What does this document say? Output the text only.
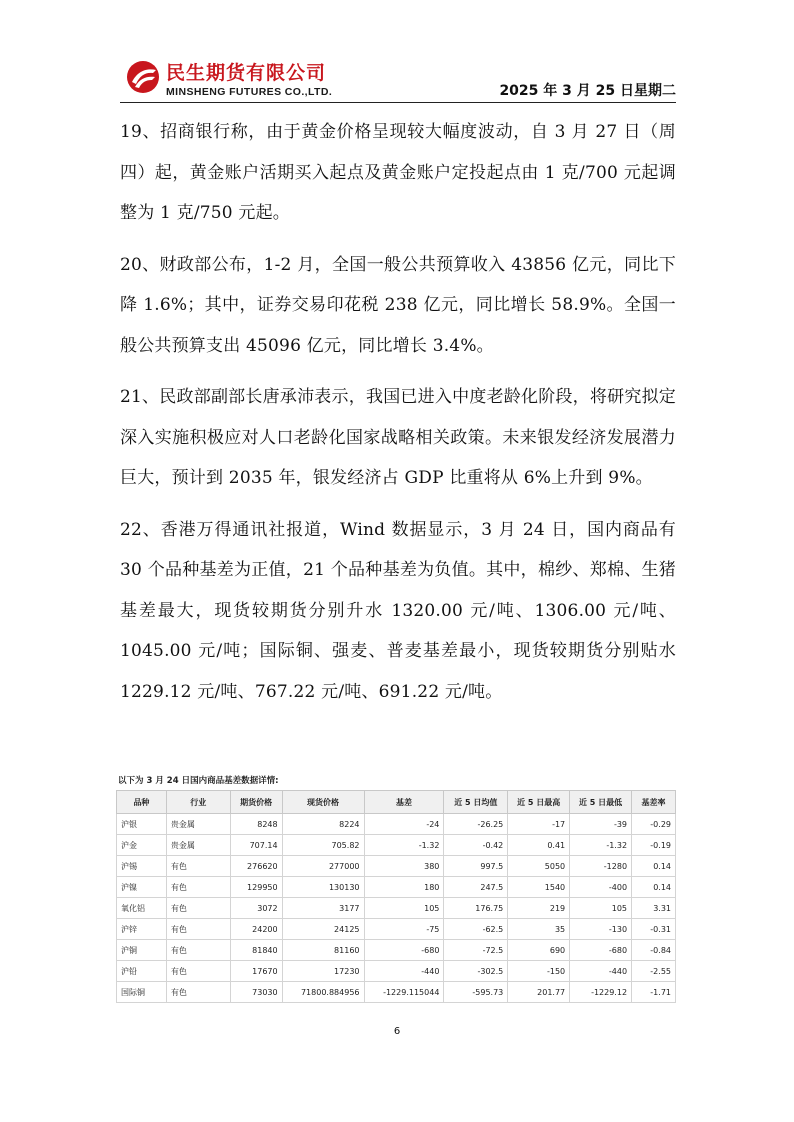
民生期货有限公司
MINSHENG FUTURES CO.,LTD.	2025 年 3 月 25 日星期二

19、招商银行称，由于黄金价格呈现较大幅度波动，自 3 月 27 日（周四）起，黄金账户活期买入起点及黄金账户定投起点由 1 克/700 元起调整为 1 克/750 元起。

20、财政部公布，1-2 月，全国一般公共预算收入 43856 亿元，同比下降 1.6%；其中，证券交易印花税 238 亿元，同比增长 58.9%。全国一般公共预算支出 45096 亿元，同比增长 3.4%。

21、民政部副部长唐承沛表示，我国已进入中度老龄化阶段，将研究拟定深入实施积极应对人口老龄化国家战略相关政策。未来银发经济发展潜力巨大，预计到 2035 年，银发经济占 GDP 比重将从 6%上升到 9%。

22、香港万得通讯社报道，Wind 数据显示，3 月 24 日，国内商品有 30 个品种基差为正值，21 个品种基差为负值。其中，棉纱、郑棉、生猪基差最大，现货较期货分别升水 1320.00 元/吨、1306.00 元/吨、1045.00 元/吨；国际铜、强麦、普麦基差最小，现货较期货分别贴水 1229.12 元/吨、767.22 元/吨、691.22 元/吨。

以下为 3 月 24 日国内商品基差数据详情:
品种	行业	期货价格	现货价格	基差	近 5 日均值	近 5 日最高	近 5 日最低	基差率
沪银	贵金属	8248	8224	-24	-26.25	-17	-39	-0.29
沪金	贵金属	707.14	705.82	-1.32	-0.42	0.41	-1.32	-0.19
沪锡	有色	276620	277000	380	997.5	5050	-1280	0.14
沪镍	有色	129950	130130	180	247.5	1540	-400	0.14
氧化铝	有色	3072	3177	105	176.75	219	105	3.31
沪锌	有色	24200	24125	-75	-62.5	35	-130	-0.31
沪铜	有色	81840	81160	-680	-72.5	690	-680	-0.84
沪铅	有色	17670	17230	-440	-302.5	-150	-440	-2.55
国际铜	有色	73030	71800.884956	-1229.115044	-595.73	201.77	-1229.12	-1.71
6
